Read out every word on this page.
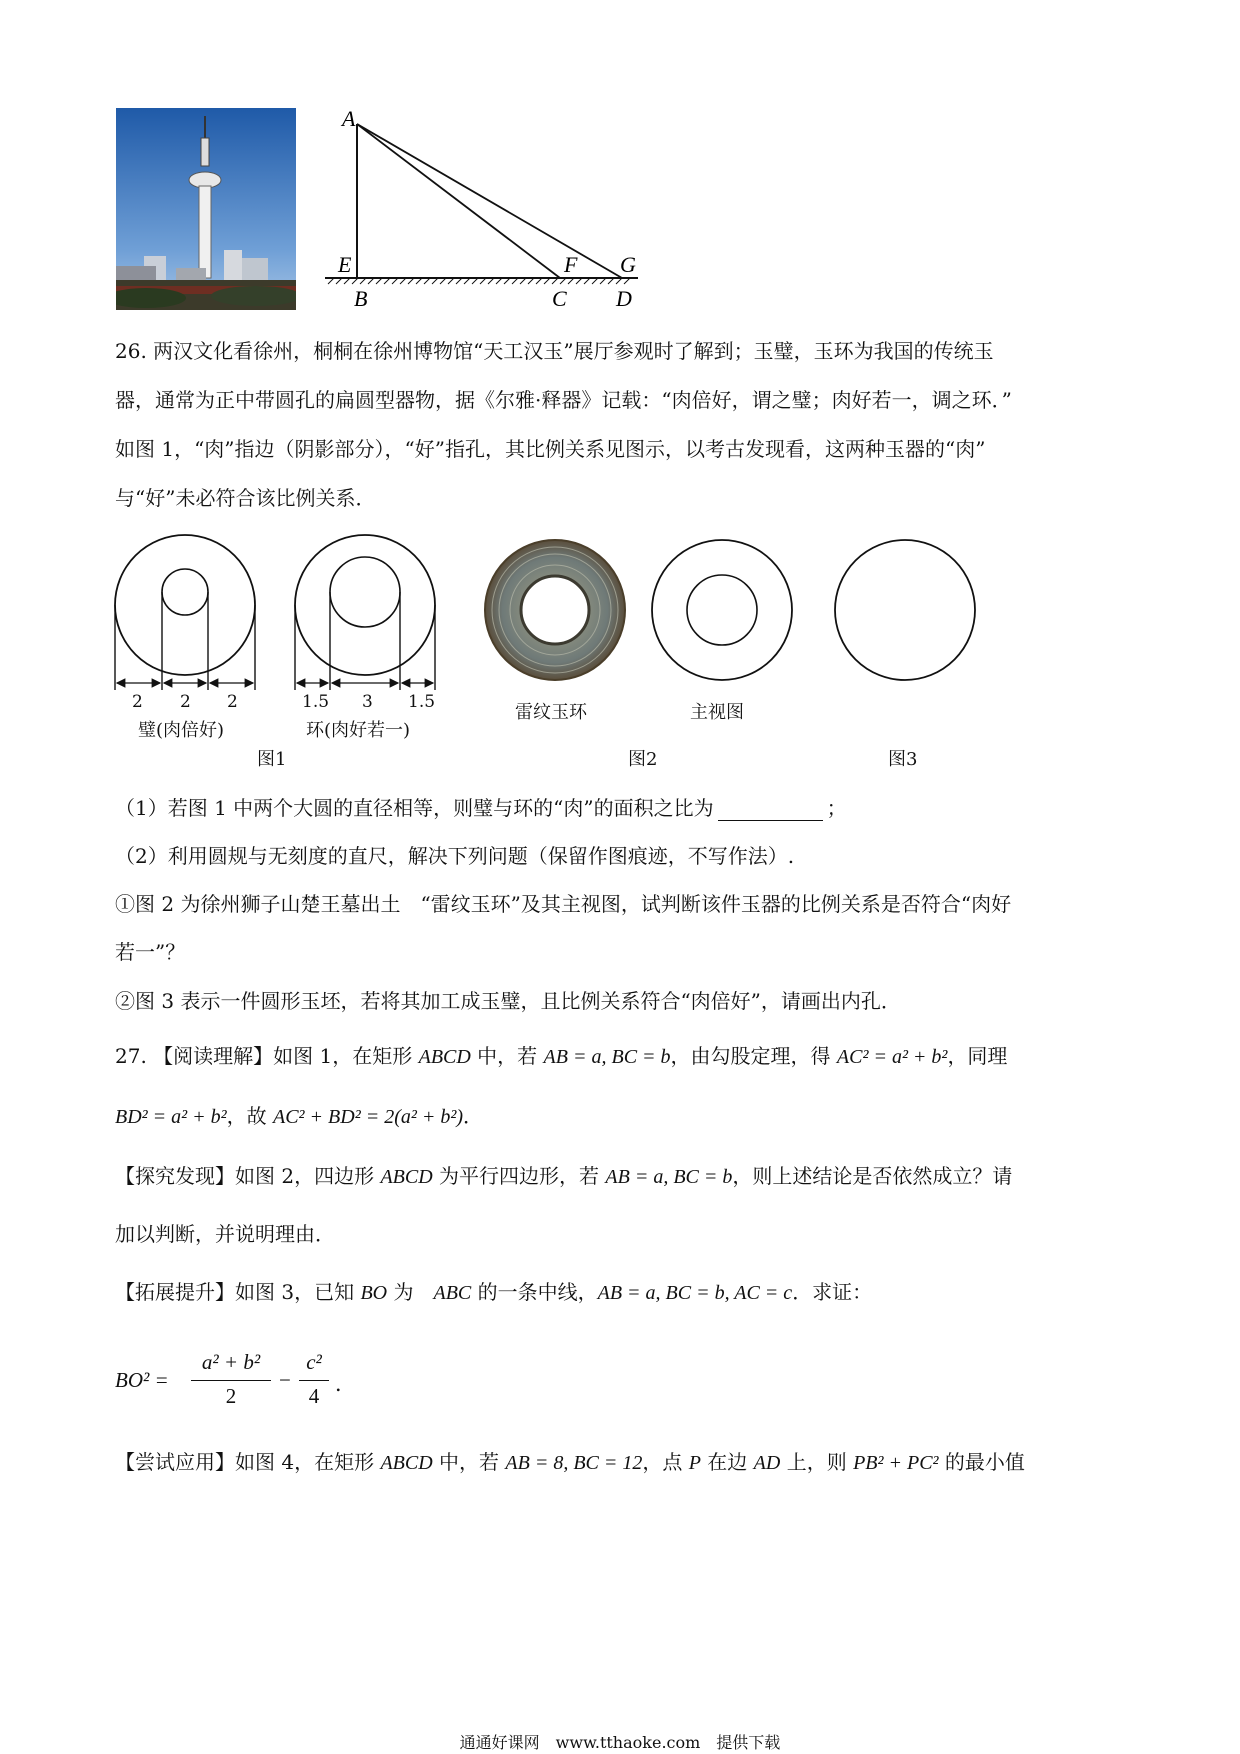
A
E
B
F
C
G
D
26. 两汉文化看徐州，桐桐在徐州博物馆“天工汉玉”展厅参观时了解到；玉璧，玉环为我国的传统玉
器，通常为正中带圆孔的扁圆型器物，据《尔雅·释器》记载：“肉倍好，谓之璧；肉好若一，调之环．”
如图 1，“肉”指边（阴影部分），“好”指孔，其比例关系见图示，以考古发现看，这两种玉器的“肉”
与“好”未必符合该比例关系．
2 2 2	1.5 3 1.5
璧(肉倍好)	环(肉好若一)
雷纹玉环	主视图
图1	图2	图3
（1）若图 1 中两个大圆的直径相等，则璧与环的“肉”的面积之比为	；
（2）利用圆规与无刻度的直尺，解决下列问题（保留作图痕迹，不写作法）.
①图 2 为徐州狮子山楚王墓出土　“雷纹玉环”及其主视图，试判断该件玉器的比例关系是否符合“肉好
若一”？
②图 3 表示一件圆形玉坯，若将其加工成玉璧，且比例关系符合“肉倍好”，请画出内孔．
27. 【阅读理解】如图 1，在矩形 ABCD 中，若 AB = a, BC = b，由勾股定理，得 AC² = a² + b²，同理
BD² = a² + b²，故 AC² + BD² = 2(a² + b²)．
【探究发现】如图 2，四边形 ABCD 为平行四边形，若 AB = a, BC = b，则上述结论是否依然成立？请
加以判断，并说明理由．
【拓展提升】如图 3，已知 BO 为　ABC 的一条中线，AB = a, BC = b, AC = c．求证：
BO² =
a² + b²
2
−
c²
4 ．
【尝试应用】如图 4，在矩形 ABCD 中，若 AB = 8, BC = 12，点 P 在边 AD 上，则 PB² + PC² 的最小值
通通好课网　www.tthaoke.com　提供下载
